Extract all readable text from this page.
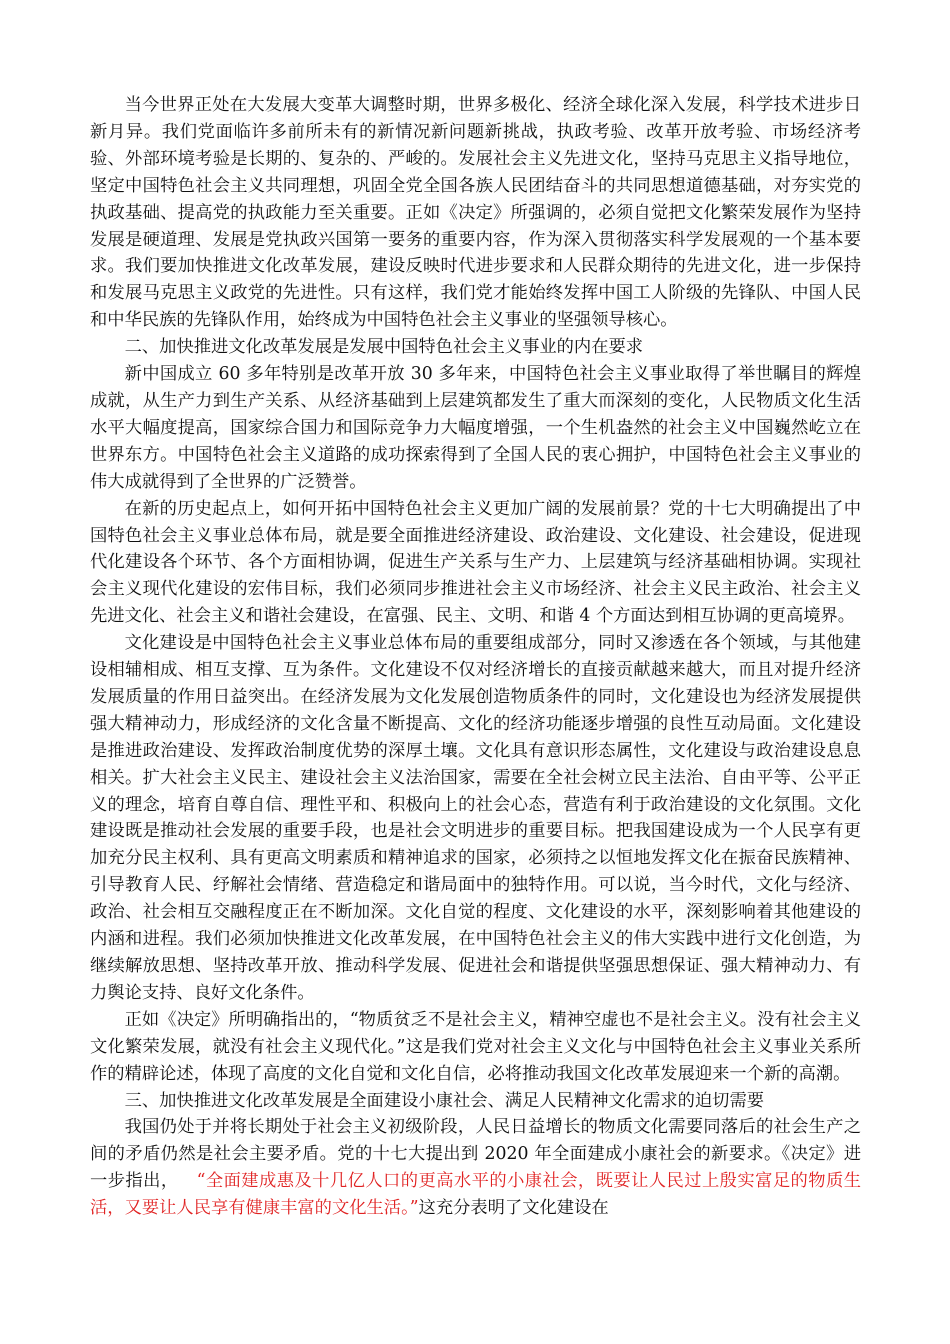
当今世界正处在大发展大变革大调整时期，世界多极化、经济全球化深入发展，科学技术进步日新月异。我们党面临许多前所未有的新情况新问题新挑战，执政考验、改革开放考验、市场经济考验、外部环境考验是长期的、复杂的、严峻的。发展社会主义先进文化，坚持马克思主义指导地位，坚定中国特色社会主义共同理想，巩固全党全国各族人民团结奋斗的共同思想道德基础，对夯实党的执政基础、提高党的执政能力至关重要。正如《决定》所强调的，必须自觉把文化繁荣发展作为坚持发展是硬道理、发展是党执政兴国第一要务的重要内容，作为深入贯彻落实科学发展观的一个基本要求。我们要加快推进文化改革发展，建设反映时代进步要求和人民群众期待的先进文化，进一步保持和发展马克思主义政党的先进性。只有这样，我们党才能始终发挥中国工人阶级的先锋队、中国人民和中华民族的先锋队作用，始终成为中国特色社会主义事业的坚强领导核心。

二、加快推进文化改革发展是发展中国特色社会主义事业的内在要求

新中国成立 60 多年特别是改革开放 30 多年来，中国特色社会主义事业取得了举世瞩目的辉煌成就，从生产力到生产关系、从经济基础到上层建筑都发生了重大而深刻的变化，人民物质文化生活水平大幅度提高，国家综合国力和国际竞争力大幅度增强，一个生机盎然的社会主义中国巍然屹立在世界东方。中国特色社会主义道路的成功探索得到了全国人民的衷心拥护，中国特色社会主义事业的伟大成就得到了全世界的广泛赞誉。

在新的历史起点上，如何开拓中国特色社会主义更加广阔的发展前景？党的十七大明确提出了中国特色社会主义事业总体布局，就是要全面推进经济建设、政治建设、文化建设、社会建设，促进现代化建设各个环节、各个方面相协调，促进生产关系与生产力、上层建筑与经济基础相协调。实现社会主义现代化建设的宏伟目标，我们必须同步推进社会主义市场经济、社会主义民主政治、社会主义先进文化、社会主义和谐社会建设，在富强、民主、文明、和谐 4 个方面达到相互协调的更高境界。

文化建设是中国特色社会主义事业总体布局的重要组成部分，同时又渗透在各个领域，与其他建设相辅相成、相互支撑、互为条件。文化建设不仅对经济增长的直接贡献越来越大，而且对提升经济发展质量的作用日益突出。在经济发展为文化发展创造物质条件的同时，文化建设也为经济发展提供强大精神动力，形成经济的文化含量不断提高、文化的经济功能逐步增强的良性互动局面。文化建设是推进政治建设、发挥政治制度优势的深厚土壤。文化具有意识形态属性，文化建设与政治建设息息相关。扩大社会主义民主、建设社会主义法治国家，需要在全社会树立民主法治、自由平等、公平正义的理念，培育自尊自信、理性平和、积极向上的社会心态，营造有利于政治建设的文化氛围。文化建设既是推动社会发展的重要手段，也是社会文明进步的重要目标。把我国建设成为一个人民享有更加充分民主权利、具有更高文明素质和精神追求的国家，必须持之以恒地发挥文化在振奋民族精神、引导教育人民、纾解社会情绪、营造稳定和谐局面中的独特作用。可以说，当今时代，文化与经济、政治、社会相互交融程度正在不断加深。文化自觉的程度、文化建设的水平，深刻影响着其他建设的内涵和进程。我们必须加快推进文化改革发展，在中国特色社会主义的伟大实践中进行文化创造，为继续解放思想、坚持改革开放、推动科学发展、促进社会和谐提供坚强思想保证、强大精神动力、有力舆论支持、良好文化条件。

正如《决定》所明确指出的，“物质贫乏不是社会主义，精神空虚也不是社会主义。没有社会主义文化繁荣发展，就没有社会主义现代化。”这是我们党对社会主义文化与中国特色社会主义事业关系所作的精辟论述，体现了高度的文化自觉和文化自信，必将推动我国文化改革发展迎来一个新的高潮。

三、加快推进文化改革发展是全面建设小康社会、满足人民精神文化需求的迫切需要

我国仍处于并将长期处于社会主义初级阶段，人民日益增长的物质文化需要同落后的社会生产之间的矛盾仍然是社会主要矛盾。党的十七大提出到 2020 年全面建成小康社会的新要求。《决定》进一步指出， “全面建成惠及十几亿人口的更高水平的小康社会，既要让人民过上殷实富足的物质生活，又要让人民享有健康丰富的文化生活。”这充分表明了文化建设在
